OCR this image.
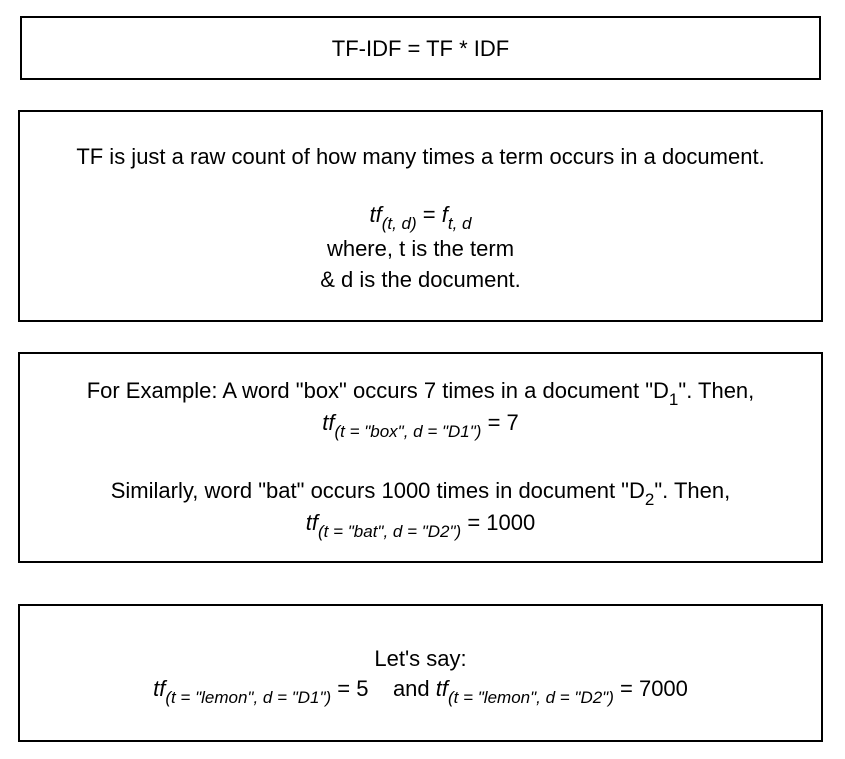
TF-IDF = TF * IDF
TF is just a raw count of how many times a term occurs in a document.
$tf_{(t, d)} = f_{t, d}$
where, t is the term
& d is the document.
For Example: A word "box" occurs 7 times in a document "$D_1$". Then,
$tf_{(t = "box", d = "D1")} = 7$
Similarly, word "bat" occurs 1000 times in document "$D_2$". Then,
$tf_{(t = "bat", d = "D2")} = 1000$
Let's say:
$tf_{(t = "lemon", d = "D1")} = 5$    and $tf_{(t = "lemon", d = "D2")} = 7000$
